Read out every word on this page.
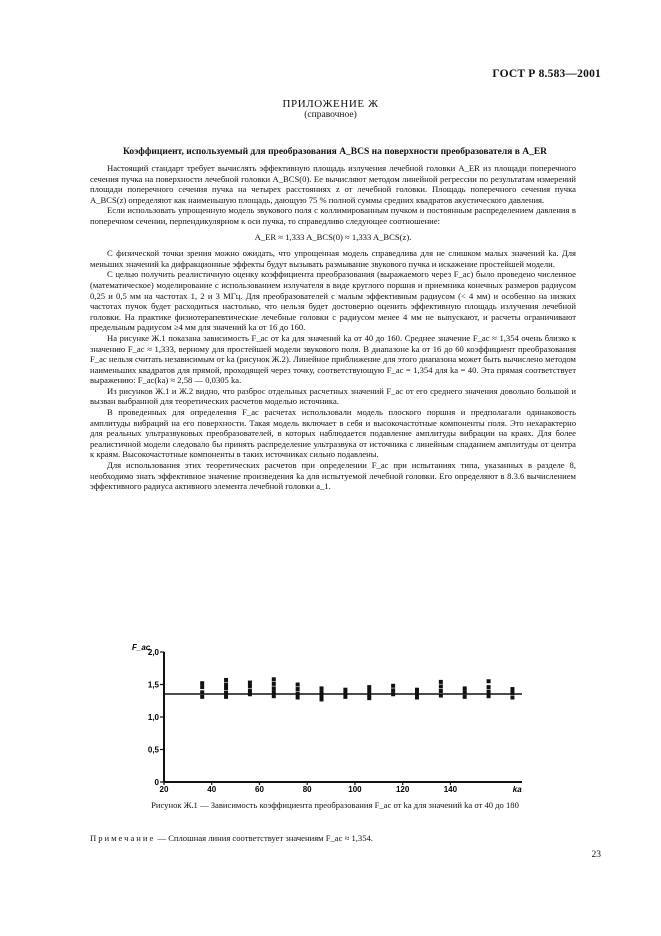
ГОСТ Р 8.583—2001
ПРИЛОЖЕНИЕ Ж
(справочное)
Коэффициент, используемый для преобразования A_BCS на поверхности преобразователя в A_ER

Настоящий стандарт требует вычислять эффективную площадь излучения лечебной головки A_ER из площади поперечного сечения пучка на поверхности лечебной головки A_BCS(0). Ее вычисляют методом линейной регрессии по результатам измерений площади поперечного сечения пучка на четырех расстояниях z от лечебной головки. Площадь поперечного сечения пучка A_BCS(z) определяют как наименьшую площадь, дающую 75 % полной суммы средних квадратов акустического давления.

Если использовать упрощенную модель звукового поля с коллимированным пучком и постоянным распределением давления в поперечном сечении, перпендикулярном к оси пучка, то справедливо следующее соотношение:

A_ER ≈ 1,333 A_BCS(0) ≈ 1,333 A_BCS(z).

С физической точки зрения можно ожидать, что упрощенная модель справедлива для не слишком малых значений ka. Для меньших значений ka дифракционные эффекты будут вызывать размывание звукового пучка и искажение простейшей модели.

С целью получить реалистичную оценку коэффициента преобразования (выражаемого через F_ac) было проведено численное (математическое) моделирование с использованием излучателя в виде круглого поршня и приемника конечных размеров радиусом 0,25 и 0,5 мм на частотах 1, 2 и 3 МГц. Для преобразователей с малым эффективным радиусом (< 4 мм) и особенно на низких частотах пучок будет расходиться настолько, что нельзя будет достоверно оценить эффективную площадь излучения лечебной головки. На практике физиотерапевтические лечебные головки с радиусом менее 4 мм не выпускают, и расчеты ограничивают предельным радиусом ≥4 мм для значений ka от 16 до 160.

На рисунке Ж.1 показана зависимость F_ac от ka для значений ka от 40 до 160. Среднее значение F_ac ≈ 1,354 очень близко к значению F_ac ≈ 1,333, верному для простейшей модели звукового поля. В диапазоне ka от 16 до 60 коэффициент преобразования F_ac нельзя считать независимым от ka (рисунок Ж.2). Линейное приближение для этого диапазона может быть вычислено методом наименьших квадратов для прямой, проходящей через точку, соответствующую F_ac = 1,354 для ka = 40. Эта прямая соответствует выражению: F_ac(ka) ≈ 2,58 — 0,0305 ka.

Из рисунков Ж.1 и Ж.2 видно, что разброс отдельных расчетных значений F_ac от его среднего значения довольно большой и вызван выбранной для теоретических расчетов моделью источника.

В проведенных для определения F_ac расчетах использовали модель плоского поршня и предполагали одинаковость амплитуды вибраций на его поверхности. Такая модель включает в себя и высокочастотные компоненты поля. Это нехарактерно для реальных ультразвуковых преобразователей, в которых наблюдается подавление амплитуды вибрации на краях. Для более реалистичной модели следовало бы принять распределение ультразвука от источника с линейным спаданием амплитуды от центра к краям. Высокочастотные компоненты в таких источниках сильно подавлены.

Для использования этих теоретических расчетов при определении F_ac при испытаниях типа, указанных в разделе 8, необходимо знать эффективное значение произведения ka для испытуемой лечебной головки. Его определяют в 8.3.6 вычислением эффективного радиуса активного элемента лечебной головки a_1.

F_ac
0
0,5
1,0
1,5
2,0
20	40	60	80	100	120	140	ka
Рисунок Ж.1 — Зависимость коэффициента преобразования F_ac от ka для значений ka от 40 до 180
Примечание — Сплошная линия соответствует значениям F_ac ≈ 1,354.
23
